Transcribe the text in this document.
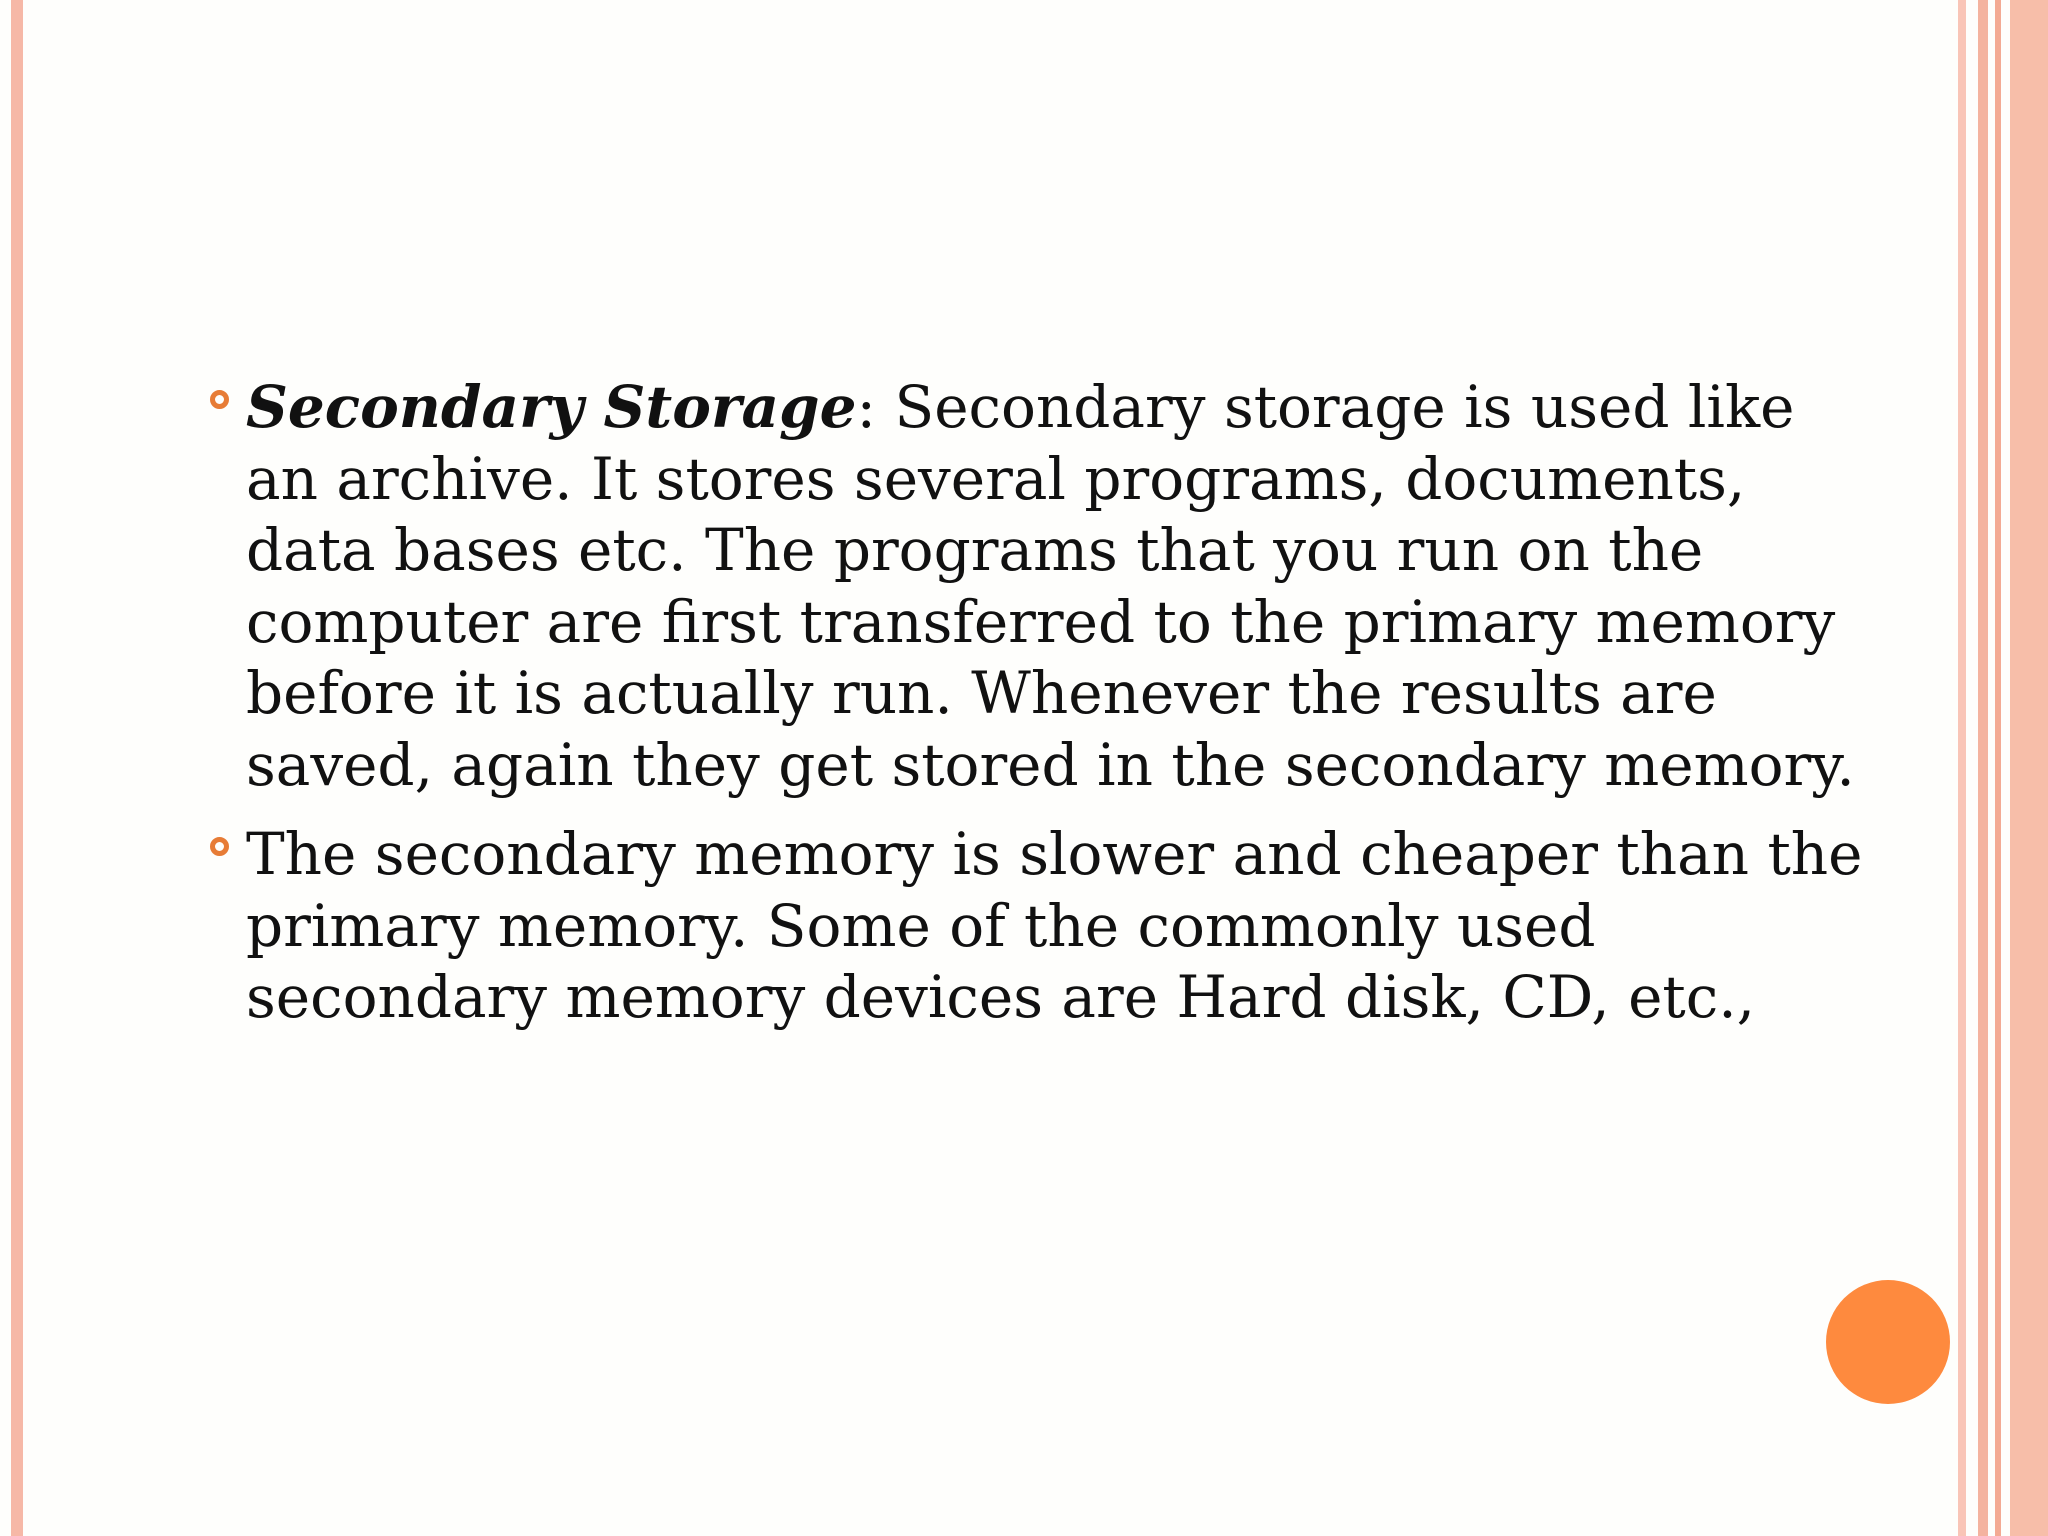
Secondary Storage: Secondary storage is used like
an archive. It stores several programs, documents,
data bases etc. The programs that you run on the
computer are first transferred to the primary memory
before it is actually run. Whenever the results are
saved, again they get stored in the secondary memory.
The secondary memory is slower and cheaper than the
primary memory. Some of the commonly used
secondary memory devices are Hard disk, CD, etc.,
